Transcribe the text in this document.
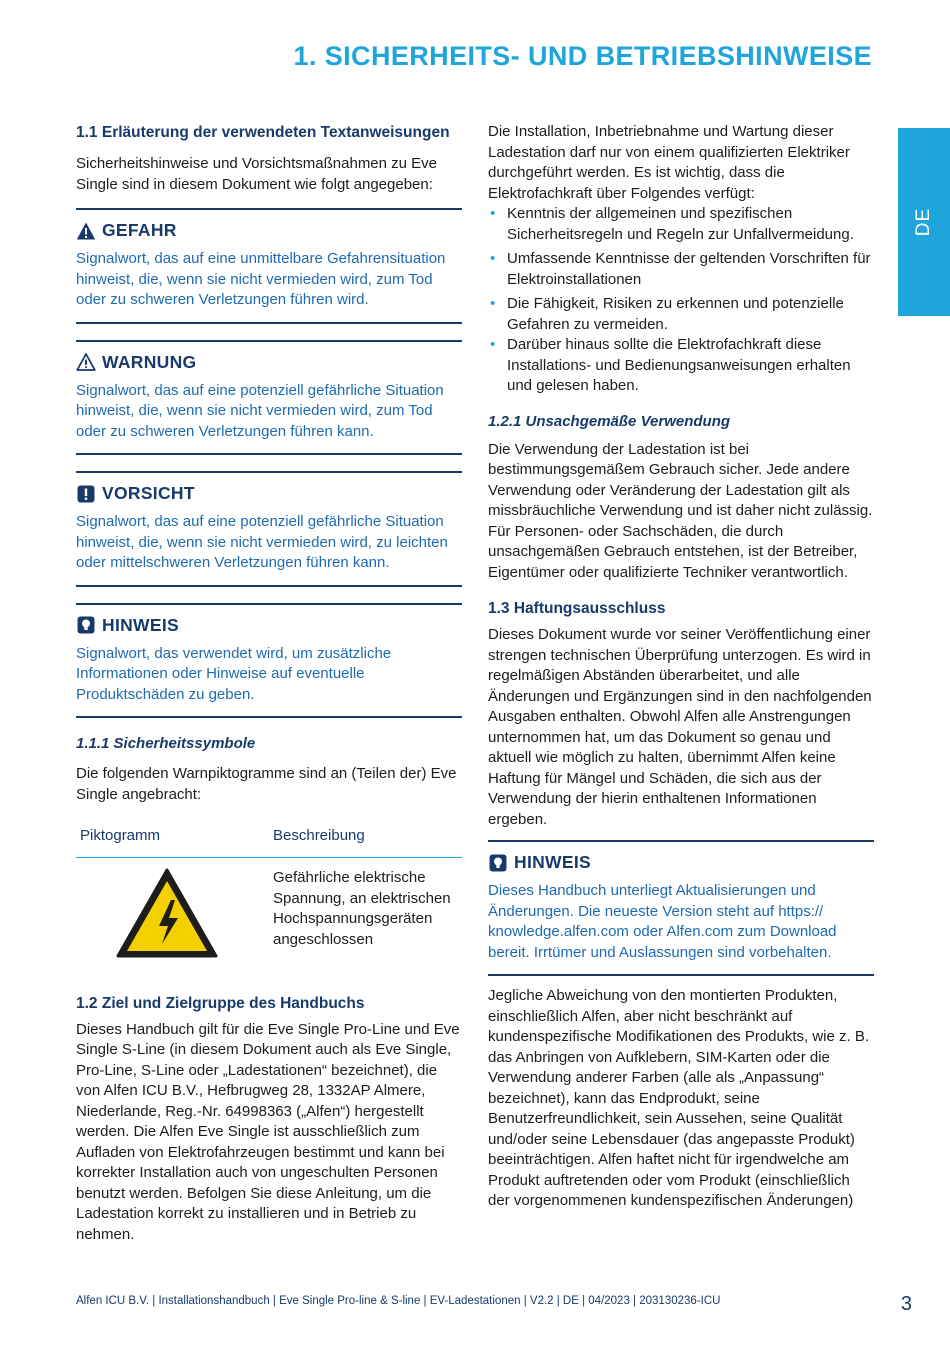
1. SICHERHEITS- UND BETRIEBSHINWEISE
DE
1.1 Erläuterung der verwendeten Textanweisungen

Sicherheitshinweise und Vorsichtsmaßnahmen zu Eve Single sind in diesem Dokument wie folgt angegeben:

GEFAHR

Signalwort, das auf eine unmittelbare Gefahrensituation hinweist, die, wenn sie nicht vermieden wird, zum Tod oder zu schweren Verletzungen führen wird.

WARNUNG

Signalwort, das auf eine potenziell gefährliche Situation hinweist, die, wenn sie nicht vermieden wird, zum Tod oder zu schweren Verletzungen führen kann.

VORSICHT

Signalwort, das auf eine potenziell gefährliche Situation hinweist, die, wenn sie nicht vermieden wird, zu leichten oder mittelschweren Verletzungen führen kann.

HINWEIS

Signalwort, das verwendet wird, um zusätzliche Informationen oder Hinweise auf eventuelle Produktschäden zu geben.

1.1.1 Sicherheitssymbole

Die folgenden Warnpiktogramme sind an (Teilen der) Eve Single angebracht:

Piktogramm	Beschreibung

	Gefährliche elektrische Spannung, an elektrischen Hochspannungsgeräten angeschlossen
1.2 Ziel und Zielgruppe des Handbuchs

Dieses Handbuch gilt für die Eve Single Pro-Line und Eve Single S-Line (in diesem Dokument auch als Eve Single, Pro-Line, S-Line oder „Ladestationen“ bezeichnet), die von Alfen ICU B.V., Hefbrugweg 28, 1332AP Almere, Niederlande, Reg.-Nr. 64998363 („Alfen“) hergestellt werden. Die Alfen Eve Single ist ausschließlich zum Aufladen von Elektrofahrzeugen bestimmt und kann bei korrekter Installation auch von ungeschulten Personen benutzt werden. Befolgen Sie diese Anleitung, um die Ladestation korrekt zu installieren und in Betrieb zu nehmen.

Die Installation, Inbetriebnahme und Wartung dieser Ladestation darf nur von einem qualifizierten Elektriker durchgeführt werden. Es ist wichtig, dass die Elektrofachkraft über Folgendes verfügt:

• Kenntnis der allgemeinen und spezifischen Sicherheitsregeln und Regeln zur Unfallvermeidung.
• Umfassende Kenntnisse der geltenden Vorschriften für Elektroinstallationen
• Die Fähigkeit, Risiken zu erkennen und potenzielle Gefahren zu vermeiden.
• Darüber hinaus sollte die Elektrofachkraft diese Installations- und Bedienungsanweisungen erhalten und gelesen haben.
1.2.1 Unsachgemäße Verwendung

Die Verwendung der Ladestation ist bei bestimmungsgemäßem Gebrauch sicher. Jede andere Verwendung oder Veränderung der Ladestation gilt als missbräuchliche Verwendung und ist daher nicht zulässig. Für Personen- oder Sachschäden, die durch unsachgemäßen Gebrauch entstehen, ist der Betreiber, Eigentümer oder qualifizierte Techniker verantwortlich.

1.3 Haftungsausschluss

Dieses Dokument wurde vor seiner Veröffentlichung einer strengen technischen Überprüfung unterzogen. Es wird in regelmäßigen Abständen überarbeitet, und alle Änderungen und Ergänzungen sind in den nachfolgenden Ausgaben enthalten. Obwohl Alfen alle Anstrengungen unternommen hat, um das Dokument so genau und aktuell wie möglich zu halten, übernimmt Alfen keine Haftung für Mängel und Schäden, die sich aus der Verwendung der hierin enthaltenen Informationen ergeben.

HINWEIS

Dieses Handbuch unterliegt Aktualisierungen und Änderungen. Die neueste Version steht auf https:// knowledge.alfen.com oder Alfen.com zum Download bereit. Irrtümer und Auslassungen sind vorbehalten.

Jegliche Abweichung von den montierten Produkten, einschließlich Alfen, aber nicht beschränkt auf kundenspezifische Modifikationen des Produkts, wie z. B. das Anbringen von Aufklebern, SIM-Karten oder die Verwendung anderer Farben (alle als „Anpassung“ bezeichnet), kann das Endprodukt, seine Benutzerfreundlichkeit, sein Aussehen, seine Qualität und/oder seine Lebensdauer (das angepasste Produkt) beeinträchtigen. Alfen haftet nicht für irgendwelche am Produkt auftretenden oder vom Produkt (einschließlich der vorgenommenen kundenspezifischen Änderungen)

Alfen ICU B.V. | Installationshandbuch | Eve Single Pro-line & S-line | EV-Ladestationen | V2.2 | DE | 04/2023 | 203130236-ICU	3
